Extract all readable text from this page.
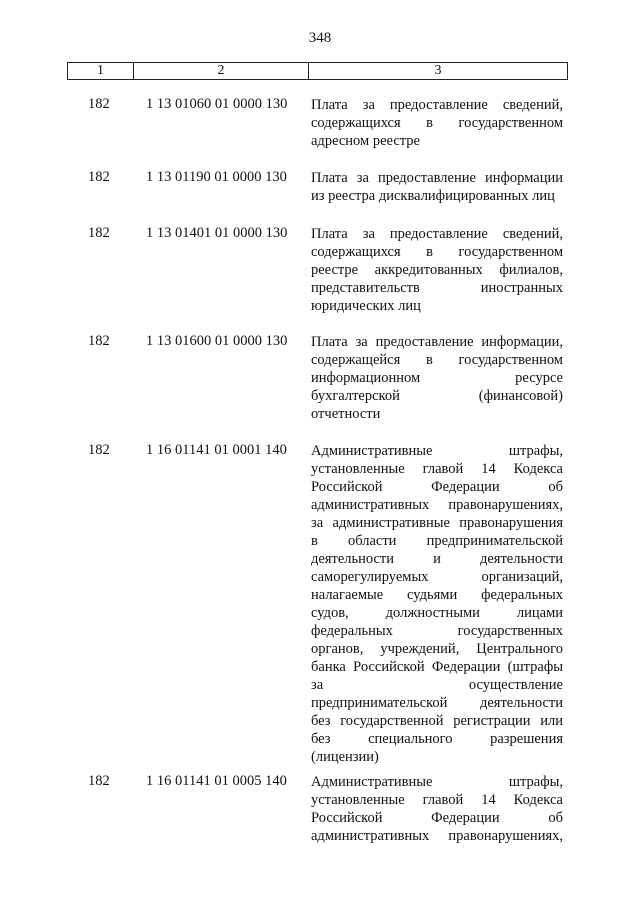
348
1	2	3
182	1 13 01060 01 0000 130	Плата за предоставление сведений,
содержащихся в государственном
адресном реестре
182	1 13 01190 01 0000 130	Плата за предоставление информации
из реестра дисквалифицированных лиц
182	1 13 01401 01 0000 130	Плата за предоставление сведений,
содержащихся в государственном
реестре аккредитованных филиалов,
представительств иностранных
юридических лиц
182	1 13 01600 01 0000 130	Плата за предоставление информации,
содержащейся в государственном
информационном ресурсе
бухгалтерской (финансовой)
отчетности
182	1 16 01141 01 0001 140	Административные штрафы,
установленные главой 14 Кодекса
Российской Федерации об
административных правонарушениях,
за административные правонарушения
в области предпринимательской
деятельности и деятельности
саморегулируемых организаций,
налагаемые судьями федеральных
судов, должностными лицами
федеральных государственных
органов, учреждений, Центрального
банка Российской Федерации (штрафы
за осуществление
предпринимательской деятельности
без государственной регистрации или
без специального разрешения
(лицензии)
182	1 16 01141 01 0005 140	Административные штрафы,
установленные главой 14 Кодекса
Российской Федерации об
административных правонарушениях,
